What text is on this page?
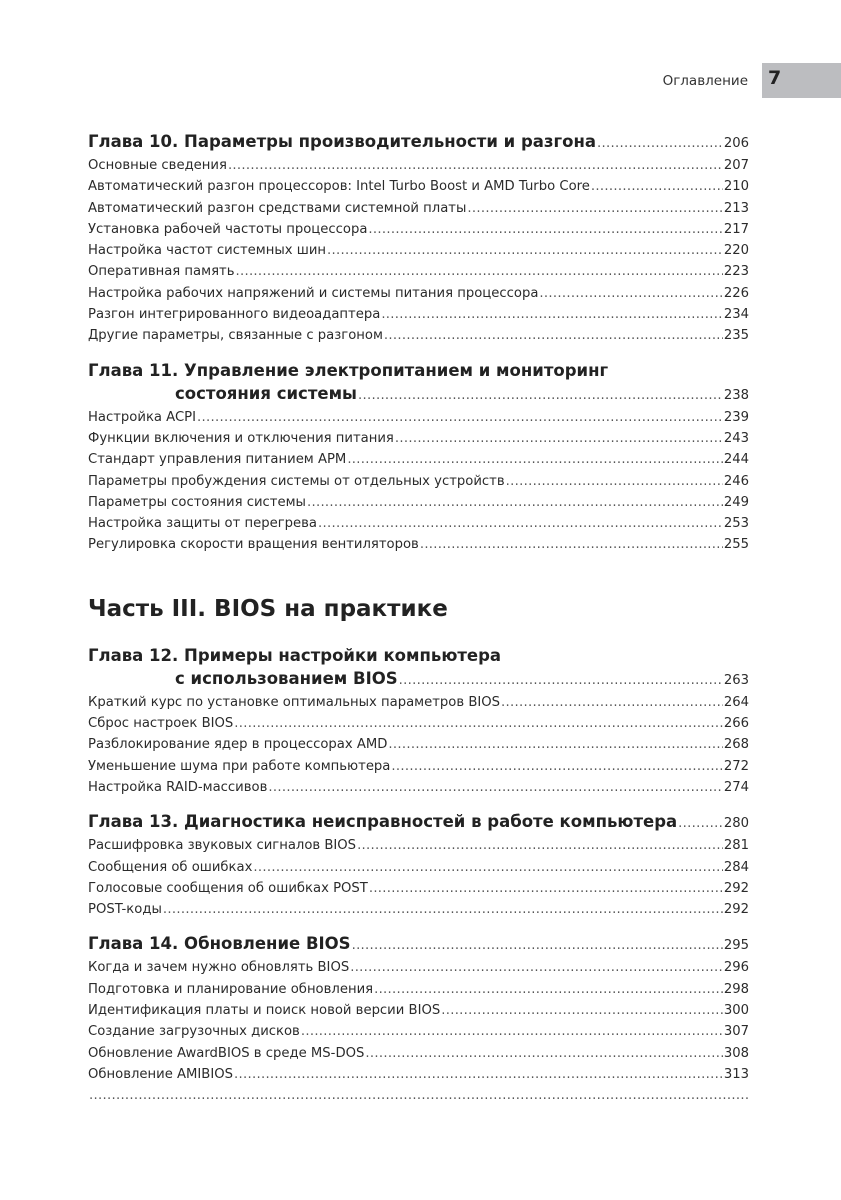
Оглавление 7
Глава 10. Параметры производительности и разгона .....	206
Основные сведения .....	207
Автоматический разгон процессоров: Intel Turbo Boost и AMD Turbo Core .....	210
Автоматический разгон средствами системной платы .....	213
Установка рабочей частоты процессора .....	217
Настройка частот системных шин .....	220
Оперативная память .....	223
Настройка рабочих напряжений и системы питания процессора .....	226
Разгон интегрированного видеоадаптера .....	234
Другие параметры, связанные с разгоном .....	235
Глава 11. Управление электропитанием и мониторинг
состояния системы .....	238
Настройка ACPI .....	239
Функции включения и отключения питания .....	243
Стандарт управления питанием APM .....	244
Параметры пробуждения системы от отдельных устройств .....	246
Параметры состояния системы .....	249
Настройка защиты от перегрева .....	253
Регулировка скорости вращения вентиляторов .....	255
Часть III. BIOS на практике
Глава 12. Примеры настройки компьютера
с использованием BIOS .....	263
Краткий курс по установке оптимальных параметров BIOS .....	264
Сброс настроек BIOS .....	266
Разблокирование ядер в процессорах AMD .....	268
Уменьшение шума при работе компьютера .....	272
Настройка RAID-массивов .....	274
Глава 13. Диагностика неисправностей в работе компьютера .....	280
Расшифровка звуковых сигналов BIOS .....	281
Сообщения об ошибках .....	284
Голосовые сообщения об ошибках POST .....	292
POST-коды .....	292
Глава 14. Обновление BIOS .....	295
Когда и зачем нужно обновлять BIOS .....	296
Подготовка и планирование обновления .....	298
Идентификация платы и поиск новой версии BIOS .....	300
Создание загрузочных дисков .....	307
Обновление AwardBIOS в среде MS-DOS .....	308
Обновление AMIBIOS .....	313
.....
